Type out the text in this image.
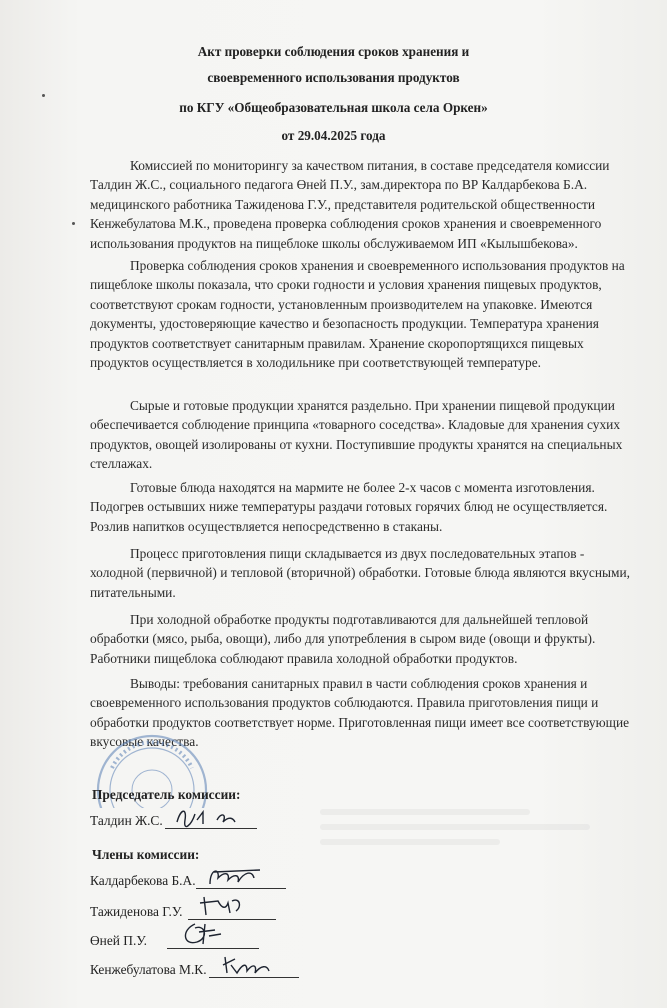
Акт проверки соблюдения сроков хранения и
своевременного использования продуктов
по КГУ «Общеобразовательная школа села Оркен»
от 29.04.2025 года

Комиссией по мониторингу за качеством питания, в составе председателя комиссии Талдин Ж.С., социального педагога Өней П.У., зам.директора по ВР Калдарбекова Б.А. медицинского работника Тажиденова Г.У., представителя родительской общественности Кенжебулатова М.К., проведена проверка соблюдения сроков хранения и своевременного использования продуктов на пищеблоке школы обслуживаемом ИП «Кылышбекова».

Проверка соблюдения сроков хранения и своевременного использования продуктов на пищеблоке школы показала, что сроки годности и условия хранения пищевых продуктов, соответствуют срокам годности, установленным производителем на упаковке. Имеются документы, удостоверяющие качество и безопасность продукции. Температура хранения продуктов соответствует санитарным правилам. Хранение скоропортящихся пищевых продуктов осуществляется в холодильнике при соответствующей температуре.

Сырые и готовые продукции хранятся раздельно. При хранении пищевой продукции обеспечивается соблюдение принципа «товарного соседства». Кладовые для хранения сухих продуктов, овощей изолированы от кухни. Поступившие продукты хранятся на специальных стеллажах.

Готовые блюда находятся на мармите не более 2-х часов с момента изготовления. Подогрев остывших ниже температуры раздачи готовых горячих блюд не осуществляется. Розлив напитков осуществляется непосредственно в стаканы.

Процесс приготовления пищи складывается из двух последовательных этапов - холодной (первичной) и тепловой (вторичной) обработки. Готовые блюда являются вкусными, питательными.

При холодной обработке продукты подготавливаются для дальнейшей тепловой обработки (мясо, рыба, овощи), либо для употребления в сыром виде (овощи и фрукты). Работники пищеблока соблюдают правила холодной обработки продуктов.

Выводы: требования санитарных правил в части соблюдения сроков хранения и своевременного использования продуктов соблюдаются. Правила приготовления пищи и обработки продуктов соответствует норме. Приготовленная пищи имеет все соответствующие вкусовые качества.

Председатель комиссии:
Талдин Ж.С.
Члены комиссии:
Калдарбекова Б.А.
Тажиденова Г.У.
Өней П.У.
Кенжебулатова М.К.
